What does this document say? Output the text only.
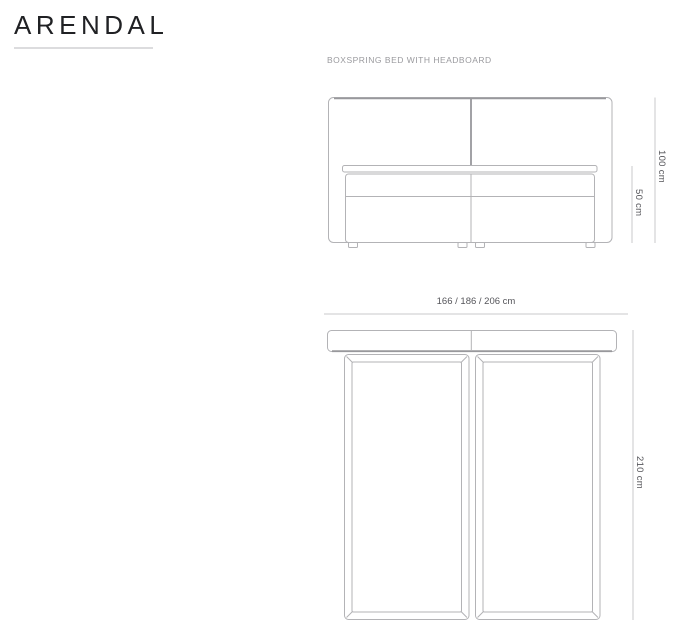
ARENDAL
BOXSPRING BED WITH HEADBOARD
100 cm
50 cm
166 / 186 / 206 cm
210 cm
